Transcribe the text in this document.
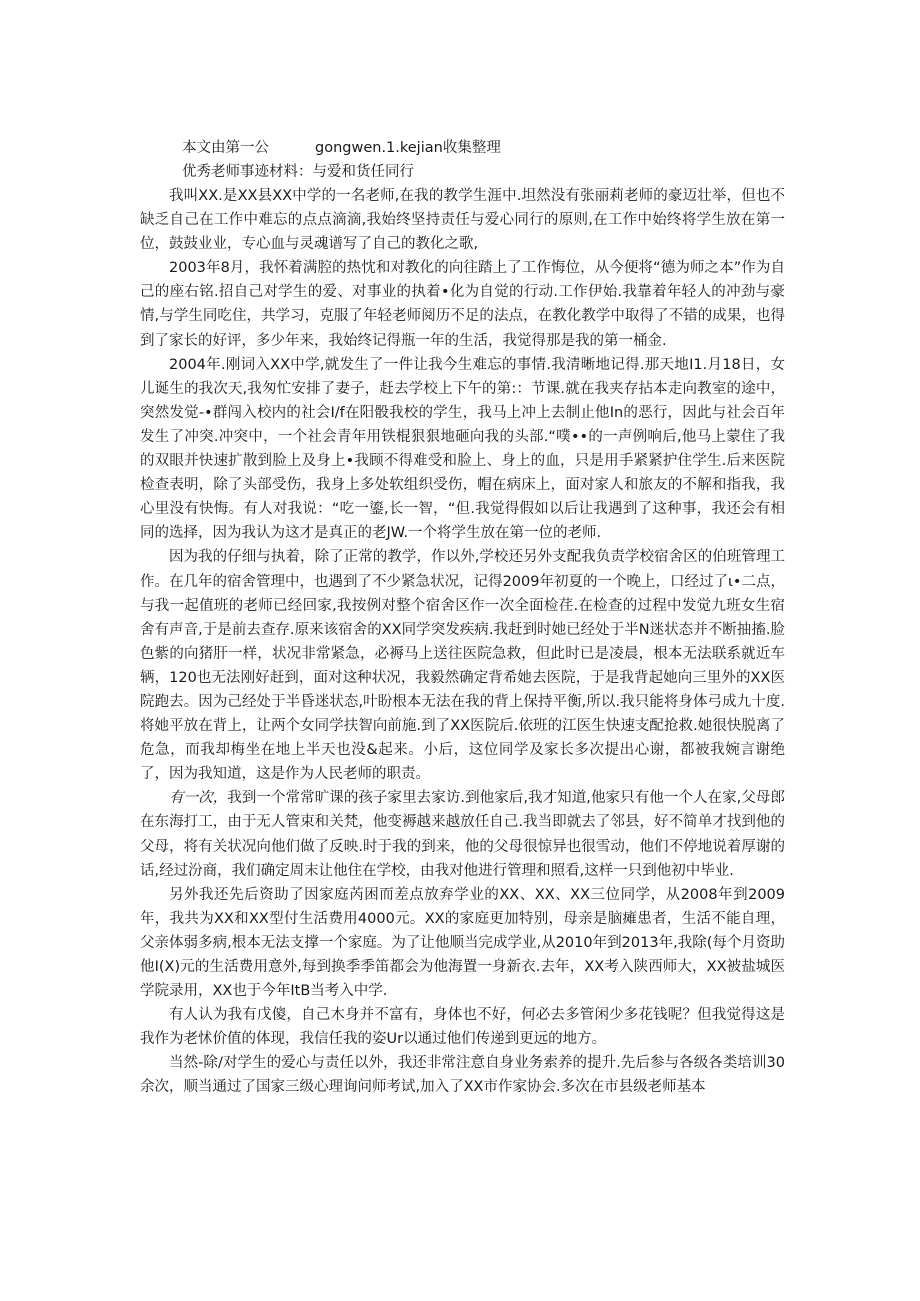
本文由第一公	gongwen.1.kejian收集整理
优秀老师事迹材料：与爱和货任同行

我叫XX.是XX县XX中学的一名老师,在我的教学生涯中.坦然没有张丽莉老师的豪迈壮举，但也不缺乏自己在工作中难忘的点点滴滴,我始终坚持责任与爱心同行的原则,在工作中始终将学生放在第一位，鼓鼓业业，专心血与灵魂谱写了自己的教化之歌,

2003年8月，我怀着满腔的热忱和对教化的向往踏上了工作悔位，从今便将“德为师之本”作为自己的座右铭.招自己对学生的爱、对事业的执着•化为自觉的行动.工作伊始.我靠着年轻人的冲劲与豪情,与学生同吃住，共学习，克服了年轻老师阅历不足的法点，在教化教学中取得了不错的成果，也得到了家长的好评，多少年来，我始终记得瓶一年的生活，我觉得那是我的第一桶金.

2004年.刚词入XX中学,就发生了一件让我今生难忘的事情.我清晰地记得.那天地I1.月18日，女儿诞生的我次天,我匆忙安排了妻子，赶去学校上下午的第:：节课.就在我夹存拈本走向教室的途中，突然发觉-•群闯入校内的社会I/f在阳骰我校的学生，我马上冲上去制止他In的恶行，因此与社会百年发生了冲突.冲突中，一个社会青年用铁棍狠狠地砸向我的头部.“噗••的一声例响后,他马上蒙住了我的双眼并快速扩散到脸上及身上•我顾不得难受和脸上、身上的血，只是用手紧紧护住学生.后来医院检查表明，除了头部受伤，我身上多处软组织受伤，帽在病床上，面对家人和旅友的不解和指我，我心里没有快悔。有人对我说：“吃一鎏,长一智，“但.我觉得假如以后让我遇到了这种事，我还会有相同的选择，因为我认为这才是真正的老JW.一个将学生放在第一位的老师.

因为我的仔细与执着，除了正常的教学，作以外,学校还另外支配我负责学校宿舍区的伯班管理工作。在几年的宿舍管理中，也遇到了不少紧急状况，记得2009年初夏的一个晚上，口经过了ι•二点，与我一起值班的老师已经回家,我按例对整个宿舍区作一次全面检荏.在检查的过程中发觉九班女生宿舍有声音,于是前去查存.原来该宿舍的XX同学突发疾病.我赶到时她已经处于半N迷状态并不断抽搐.脸色紫的向猪肝一样，状况非常紧急，必褥马上送往医院急救，但此时已是凌晨，根本无法联系就近车辆，120也无法刚好赶到，面对这种状况，我毅然确定背希她去医院，于是我背起她向三里外的XX医院跑去。因为己经处于半昏迷状态,叶盼根本无法在我的背上保持平衡,所以.我只能将身体弓成九十度.将她平放在背上，让两个女同学扶智向前施.到了XX医院后.依班的江医生快速支配抢救.她很快脱离了危急，而我却梅坐在地上半天也没&起来。小后，这位同学及家长多次提出心谢，都被我婉言谢绝了，因为我知道，这是作为人民老师的职责。

有一次，我到一个常常旷课的孩子家里去家访.到他家后,我才知道,他家只有他一个人在家,父母郎在东海打工，由于无人管束和关梵，他变褥越来越放任自己.我当即就去了邻县，好不简单才找到他的父母，将有关状况向他们做了反映.时于我的到来，他的父母很惊异也很雪动，他们不停地说着厚谢的话,经过汾商，我们确定周末让他住在学校，由我对他进行管理和照看,这样一只到他初中毕业.

另外我还先后资助了因家庭芮困而差点放弃学业的XX、XX、XX三位同学，从2008年到2009年，我共为XX和XX型付生活费用4000元。XX的家庭更加特别，母亲是脑瘫患者，生活不能自理，父亲体弱多病,根本无法支撑一个家庭。为了让他顺当完成学业,从2010年到2013年,我除(每个月资助他I(X)元的生活费用意外,每到换季季笛都会为他海置一身新衣.去年，XX考入陕西师大，XX被盐城医学院录用，XX也于今年ItB当考入中学.

有人认为我有戊傻，自己木身并不富有，身体也不好，何必去多管闲少多花钱呢？但我觉得这是我作为老怵价值的体现，我信任我的姿Ur以通过他们传递到更远的地方。

当然-除/对学生的爱心与责任以外，我还非常注意自身业务索养的提升.先后参与各级各类培训30余次，顺当通过了国家三级心理询问师考试,加入了XX市作家协会.多次在市县级老师基本
